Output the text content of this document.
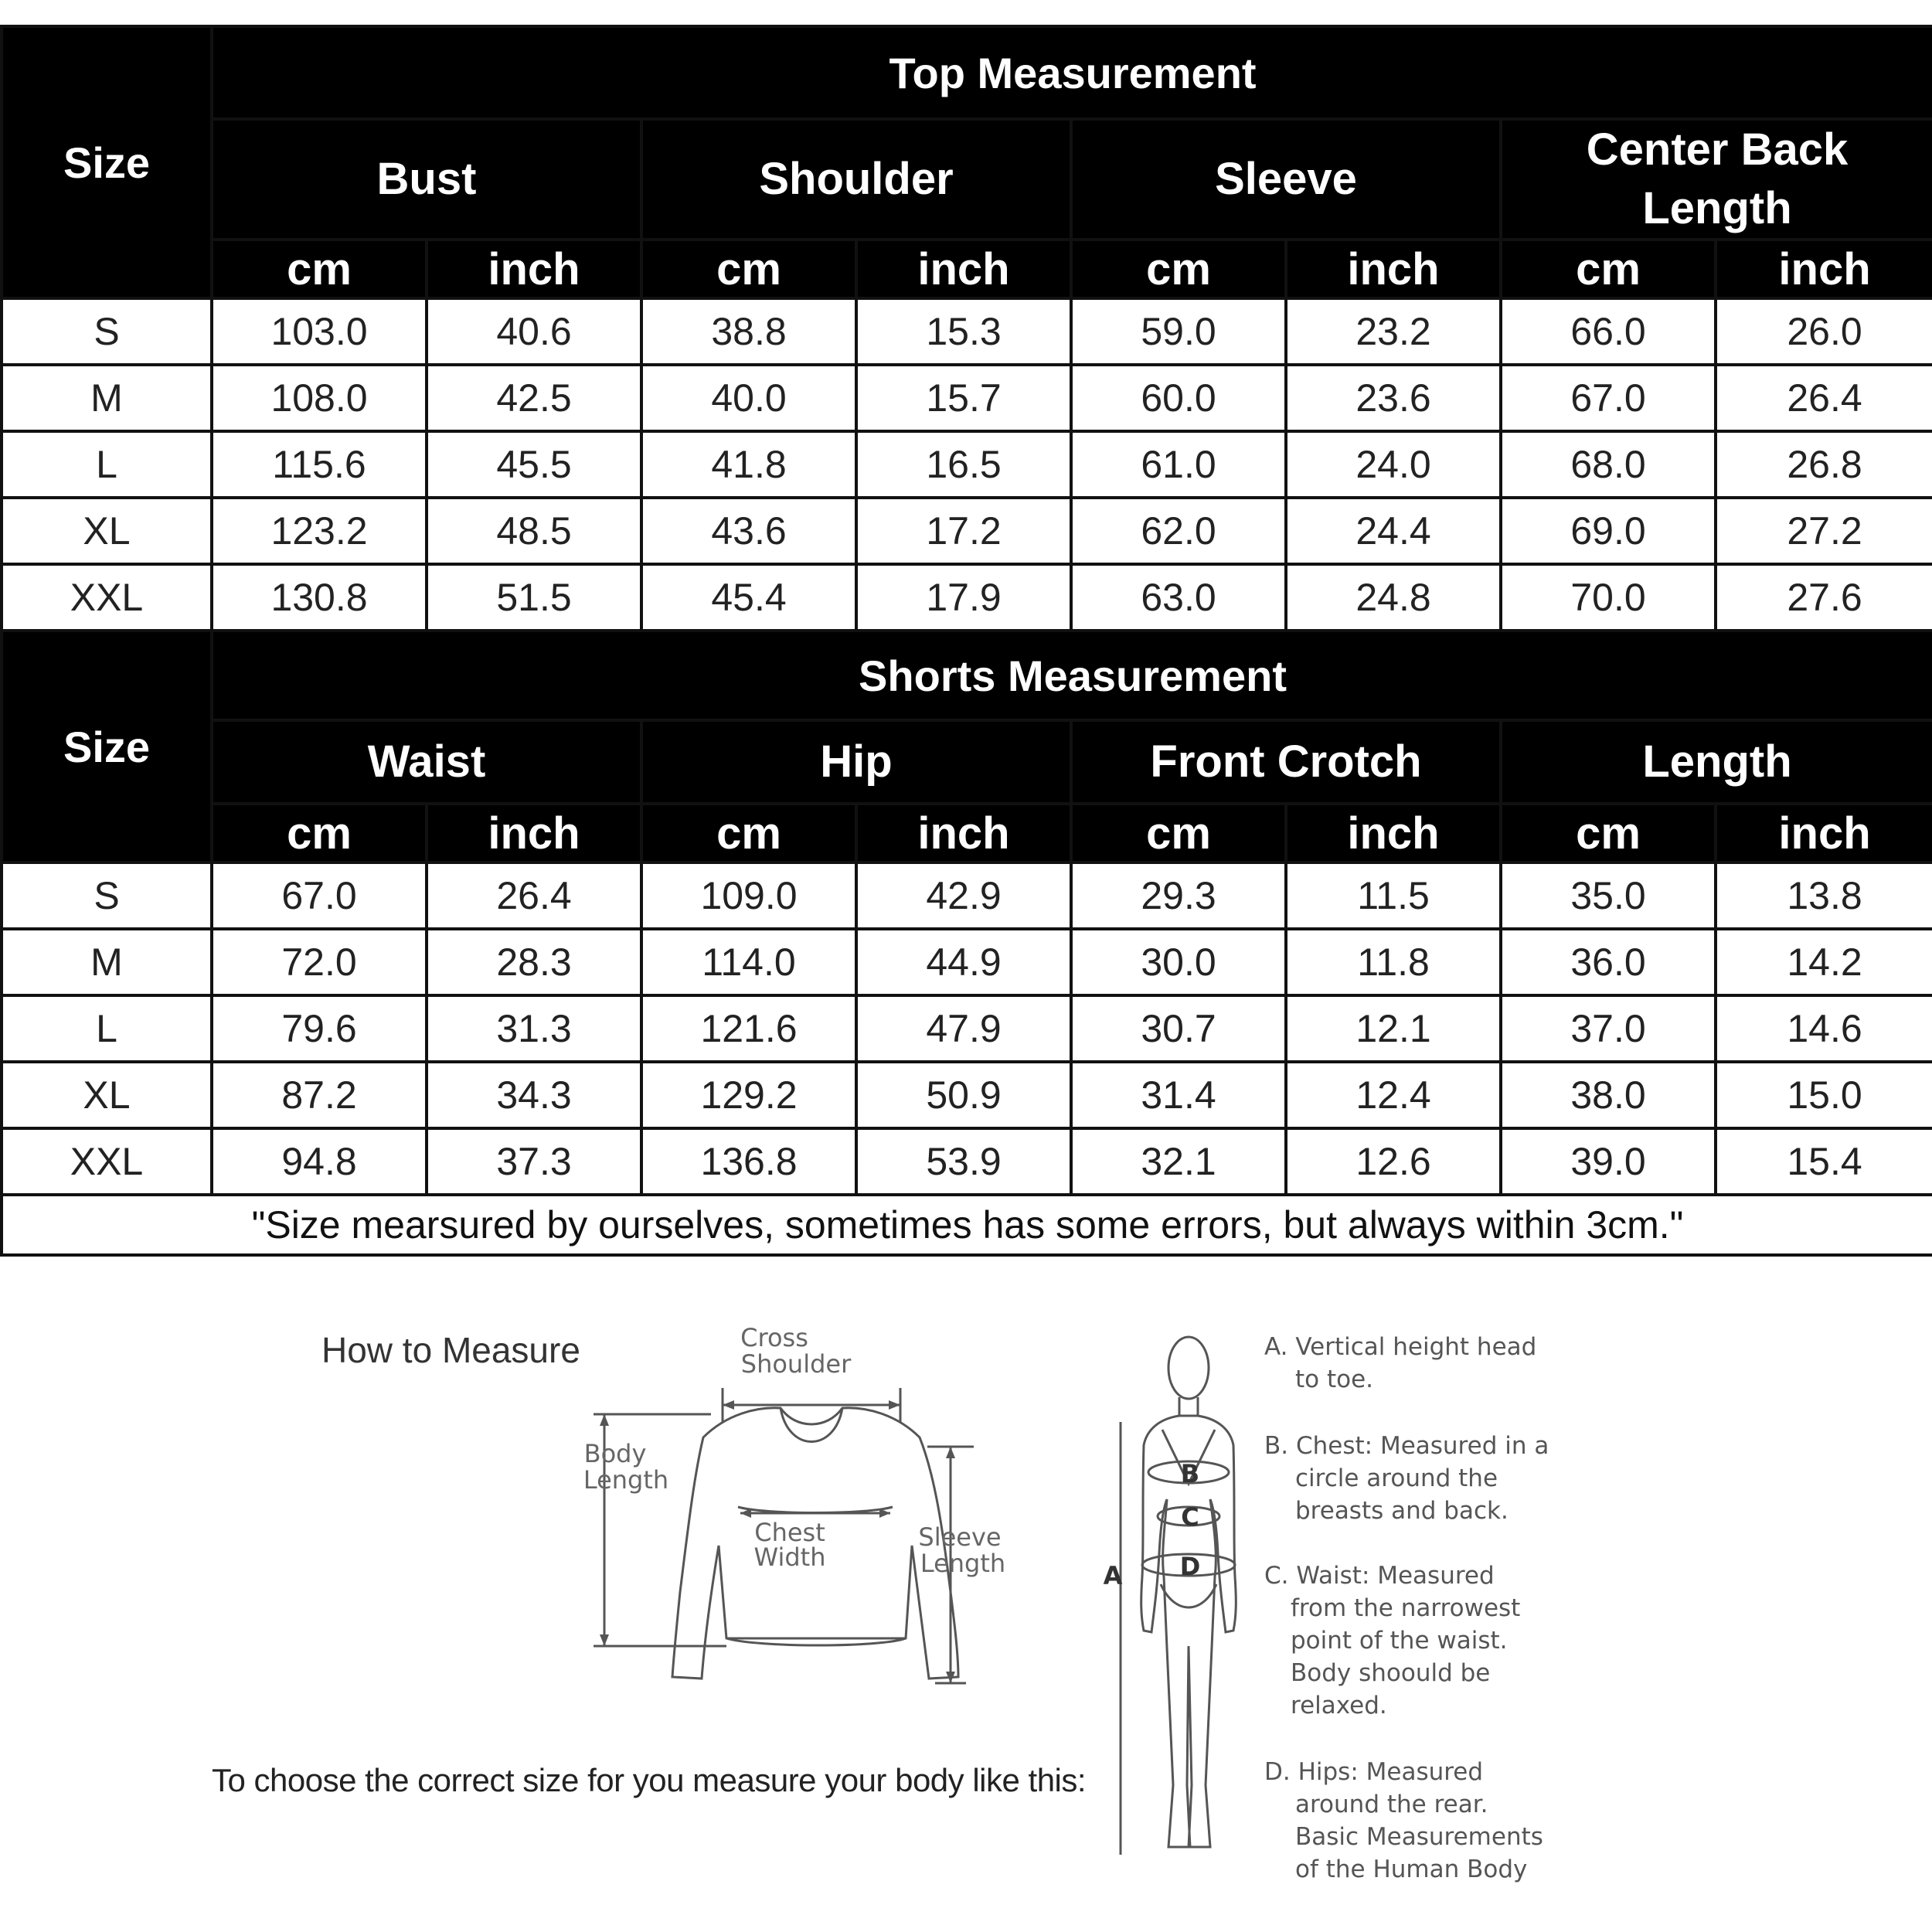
Size	Top Measurement							
	Bust		Shoulder		Sleeve		Center Back Length	
	cm	inch	cm	inch	cm	inch	cm	inch
S	103.0	40.6	38.8	15.3	59.0	23.2	66.0	26.0
M	108.0	42.5	40.0	15.7	60.0	23.6	67.0	26.4
L	115.6	45.5	41.8	16.5	61.0	24.0	68.0	26.8
XL	123.2	48.5	43.6	17.2	62.0	24.4	69.0	27.2
XXL	130.8	51.5	45.4	17.9	63.0	24.8	70.0	27.6
Size	Shorts Measurement							
	Waist		Hip		Front Crotch		Length	
	cm	inch	cm	inch	cm	inch	cm	inch
S	67.0	26.4	109.0	42.9	29.3	11.5	35.0	13.8
M	72.0	28.3	114.0	44.9	30.0	11.8	36.0	14.2
L	79.6	31.3	121.6	47.9	30.7	12.1	37.0	14.6
XL	87.2	34.3	129.2	50.9	31.4	12.4	38.0	15.0
XXL	94.8	37.3	136.8	53.9	32.1	12.6	39.0	15.4
"Size mearsured by ourselves, sometimes has some errors, but always within 3cm."								
How to Measure	Cross
Shoulder
Body
Length
Chest
Width
Sleeve
Length
To choose the correct size for you measure your body like this:
A
B
C
D
A. Vertical height head
to toe.
B. Chest: Measured in a
circle around the
breasts and back.
C. Waist: Measured
from the narrowest
point of the waist.
Body shoould be
relaxed.
D. Hips: Measured
around the rear.
Basic Measurements
of the Human Body
